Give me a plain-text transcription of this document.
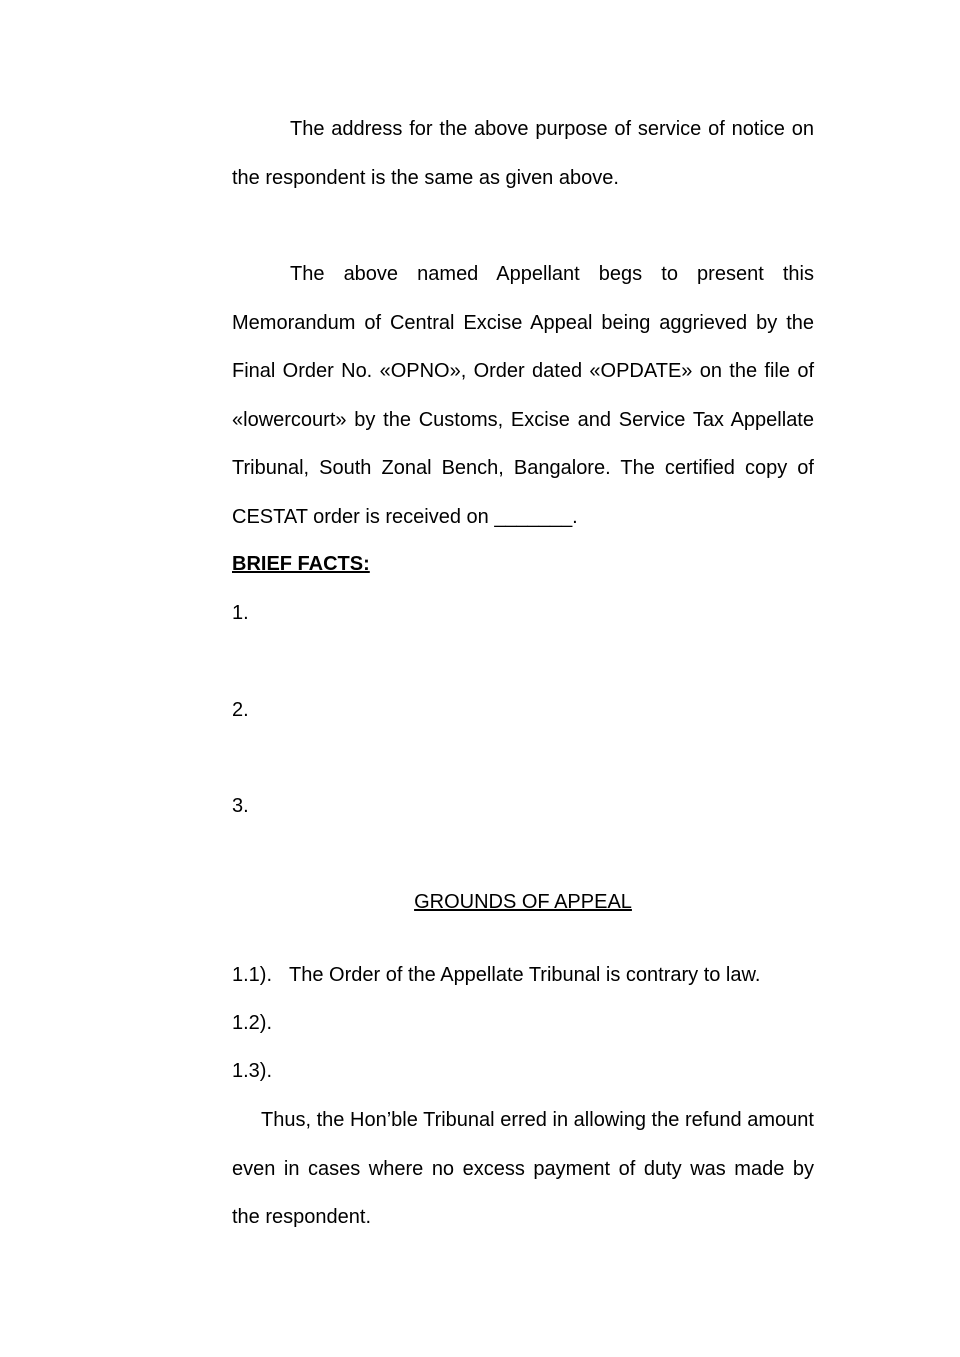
The address for the above purpose of service of notice on the respondent is the same as given above.

The above named Appellant begs to present this Memorandum of Central Excise Appeal being aggrieved by the Final Order No. «OPNO», Order dated «OPDATE» on the file of «lowercourt» by the Customs, Excise and Service Tax Appellate Tribunal, South Zonal Bench, Bangalore. The certified copy of CESTAT order is received on _______.

BRIEF FACTS:
1.
2.
3.
GROUNDS OF APPEAL
1.1). The Order of the Appellate Tribunal is contrary to law.
1.2).
1.3).

Thus, the Hon’ble Tribunal erred in allowing the refund amount even in cases where no excess payment of duty was made by the respondent.
